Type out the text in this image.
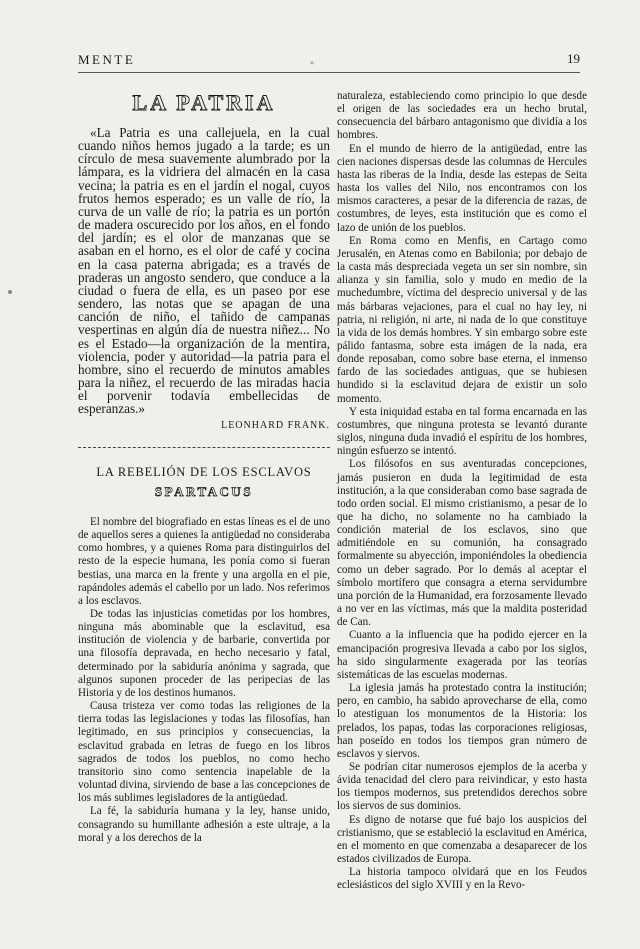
MENTE	»	19
LA PATRIA

«La Patria es una callejuela, en la cual cuando niños hemos jugado a la tarde; es un círculo de mesa suavemente alumbrado por la lámpara, es la vidriera del almacén en la casa vecina; la patria es en el jardín el nogal, cuyos frutos hemos esperado; es un valle de río, la curva de un valle de río; la patria es un portón de madera oscurecido por los años, en el fondo del jardín; es el olor de manzanas que se asaban en el horno, es el olor de café y cocina en la casa paterna abrigada; es a través de praderas un angosto sendero, que conduce a la ciudad o fuera de ella, es un paseo por ese sendero, las notas que se apagan de una canción de niño, el tañido de campanas vespertinas en algún día de nuestra niñez... No es el Estado—la organización de la mentira, violencia, poder y autoridad—la patria para el hombre, sino el recuerdo de minutos amables para la niñez, el recuerdo de las miradas hacia el porvenir todavía embellecidas de esperanzas.»

LEONHARD FRANK.
LA REBELIÓN DE LOS ESCLAVOS
SPARTACUS

El nombre del biografiado en estas líneas es el de uno de aquellos seres a quienes la antigüedad no consideraba como hombres, y a quienes Roma para distinguirlos del resto de la especie humana, les ponía como si fueran bestias, una marca en la frente y una argolla en el pie, rapándoles además el cabello por un lado. Nos referimos a los esclavos.

De todas las injusticias cometidas por los hombres, ninguna más abominable que la esclavitud, esa institución de violencia y de barbarie, convertida por una filosofía depravada, en hecho necesario y fatal, determinado por la sabiduría anónima y sagrada, que algunos suponen proceder de las peripecias de las Historia y de los destinos humanos.

Causa tristeza ver como todas las religiones de la tierra todas las legislaciones y todas las filosofías, han legitimado, en sus principios y consecuencias, la esclavitud grabada en letras de fuego en los libros sagrados de todos los pueblos, no como hecho transitorio sino como sentencia inapelable de la voluntad divina, sirviendo de base a las concepciones de los más sublimes legisladores de la antigüedad.

La fé, la sabiduría humana y la ley, hanse unido, consagrando su humillante adhesión a este ultraje, a la moral y a los derechos de la

naturaleza, estableciendo como principio lo que desde el origen de las sociedades era un hecho brutal, consecuencia del bárbaro antagonismo que dividía a los hombres.

En el mundo de hierro de la antigüedad, entre las cien naciones dispersas desde las columnas de Hercules hasta las riberas de la India, desde las estepas de Seita hasta los valles del Nilo, nos encontramos con los mismos caracteres, a pesar de la diferencia de razas, de costumbres, de leyes, esta institución que es como el lazo de unión de los pueblos.

En Roma como en Menfis, en Cartago como Jerusalén, en Atenas como en Babilonia; por debajo de la casta más despreciada vegeta un ser sin nombre, sin alianza y sin familia, solo y mudo en medio de la muchedumbre, víctima del desprecio universal y de las más bárbaras vejaciones, para el cual no hay ley, ni patria, ni religión, ni arte, ni nada de lo que constituye la vida de los demás hombres. Y sin embargo sobre este pálido fantasma, sobre esta imágen de la nada, era donde reposaban, como sobre base eterna, el inmenso fardo de las sociedades antiguas, que se hubiesen hundido si la esclavitud dejara de existir un solo momento.

Y esta iniquidad estaba en tal forma encarnada en las costumbres, que ninguna protesta se levantó durante siglos, ninguna duda invadió el espíritu de los hombres, ningún esfuerzo se intentó.

Los filósofos en sus aventuradas concepciones, jamás pusieron en duda la legitimidad de esta institución, a la que consideraban como base sagrada de todo orden social. El mismo cristianismo, a pesar de lo que ha dicho, no solamente no ha cambiado la condición material de los esclavos, sino que admitiéndole en su comunión, ha consagrado formalmente su abyección, imponiéndoles la obediencia como un deber sagrado. Por lo demás al aceptar el símbolo mortífero que consagra a eterna servidumbre una porción de la Humanidad, era forzosamente llevado a no ver en las víctimas, más que la maldita posteridad de Can.

Cuanto a la influencia que ha podido ejercer en la emancipación progresiva llevada a cabo por los siglos, ha sido singularmente exagerada por las teorías sistemáticas de las escuelas modernas.

La iglesia jamás ha protestado contra la institución; pero, en cambio, ha sabido aprovecharse de ella, como lo atestiguan los monumentos de la Historia: los prelados, los papas, todas las corporaciones religiosas, han poseído en todos los tiempos gran número de esclavos y siervos.

Se podrían citar numerosos ejemplos de la acerba y ávida tenacidad del clero para reivindicar, y esto hasta los tiempos modernos, sus pretendidos derechos sobre los siervos de sus dominios.

Es digno de notarse que fué bajo los auspicios del cristianismo, que se estableció la esclavitud en América, en el momento en que comenzaba a desaparecer de los estados civilizados de Europa.

La historia tampoco olvidará que en los Feudos eclesiásticos del siglo XVIII y en la Revo-
